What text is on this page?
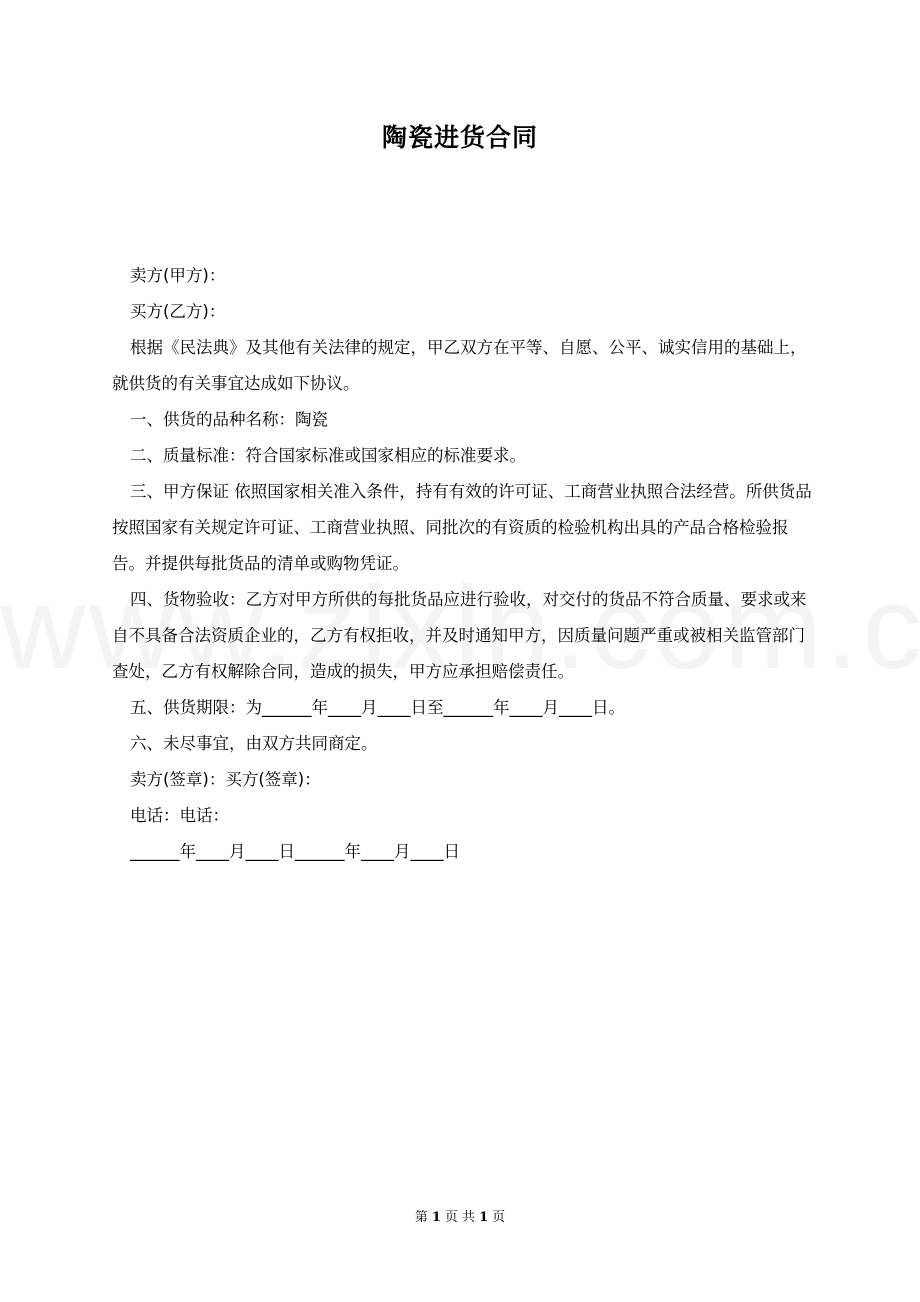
陶瓷进货合同

卖方(甲方)：

买方(乙方)：

根据《民法典》及其他有关法律的规定，甲乙双方在平等、自愿、公平、诚实信用的基础上，就供货的有关事宜达成如下协议。

一、供货的品种名称：陶瓷

二、质量标准：符合国家标准或国家相应的标准要求。

三、甲方保证 依照国家相关准入条件，持有有效的许可证、工商营业执照合法经营。所供货品按照国家有关规定许可证、工商营业执照、同批次的有资质的检验机构出具的产品合格检验报告。并提供每批货品的清单或购物凭证。

四、货物验收：乙方对甲方所供的每批货品应进行验收，对交付的货品不符合质量、要求或来自不具备合法资质企业的，乙方有权拒收，并及时通知甲方，因质量问题严重或被相关监管部门查处，乙方有权解除合同，造成的损失，甲方应承担赔偿责任。

五、供货期限：为______年____月____日至______年____月____日。

六、未尽事宜，由双方共同商定。

卖方(签章)：买方(签章)：

电话：电话：

______年____月____日______年____月____日

第 1 页 共 1 页
